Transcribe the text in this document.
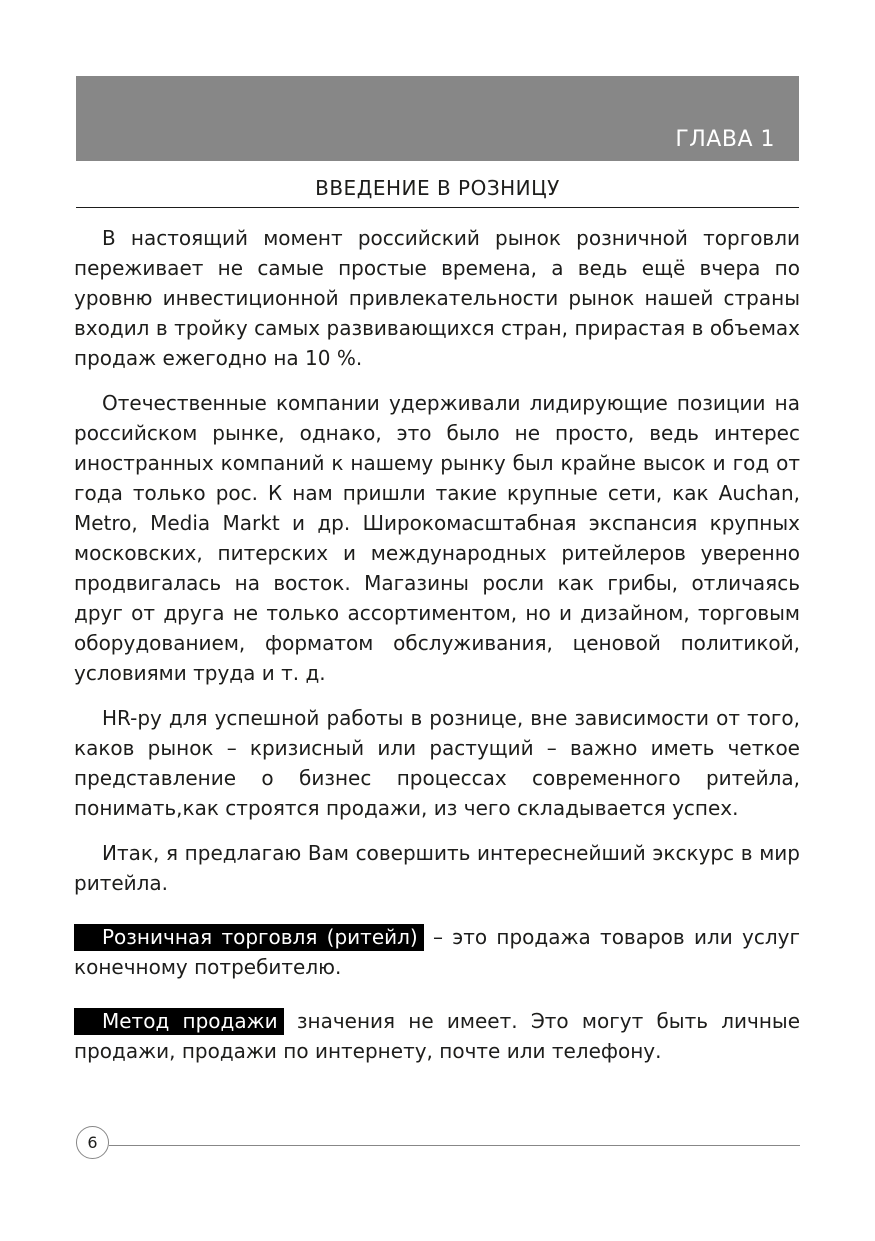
ГЛАВА 1
ВВЕДЕНИЕ В РОЗНИЦУ

В настоящий момент российский рынок розничной торговли переживает не самые простые времена, а ведь ещё вчера по уровню инвестиционной привлекательности рынок нашей страны входил в тройку самых развивающихся стран, прирастая в объемах продаж ежегодно на 10 %.

Отечественные компании удерживали лидирующие позиции на российском рынке, однако, это было не просто, ведь интерес иностранных компаний к нашему рынку был крайне высок и год от года только рос. К нам пришли такие крупные сети, как Auchan, Metro, Media Markt и др. Широкомасштабная экспансия крупных московских, питерских и международных ритейлеров уверенно продвигалась на восток. Магазины росли как грибы, отличаясь друг от друга не только ассортиментом, но и дизайном, торговым оборудованием, форматом обслуживания, ценовой политикой, условиями труда и т. д.

HR-ру для успешной работы в рознице, вне зависимости от того, каков рынок – кризисный или растущий – важно иметь четкое представление о бизнес процессах современного ритейла, понимать,как строятся продажи, из чего складывается успех.

Итак, я предлагаю Вам совершить интереснейший экскурс в мир ритейла.

Розничная торговля (ритейл) – это продажа товаров или услуг конечному потребителю.

Метод продажи значения не имеет. Это могут быть личные продажи, продажи по интернету, почте или телефону.

6
